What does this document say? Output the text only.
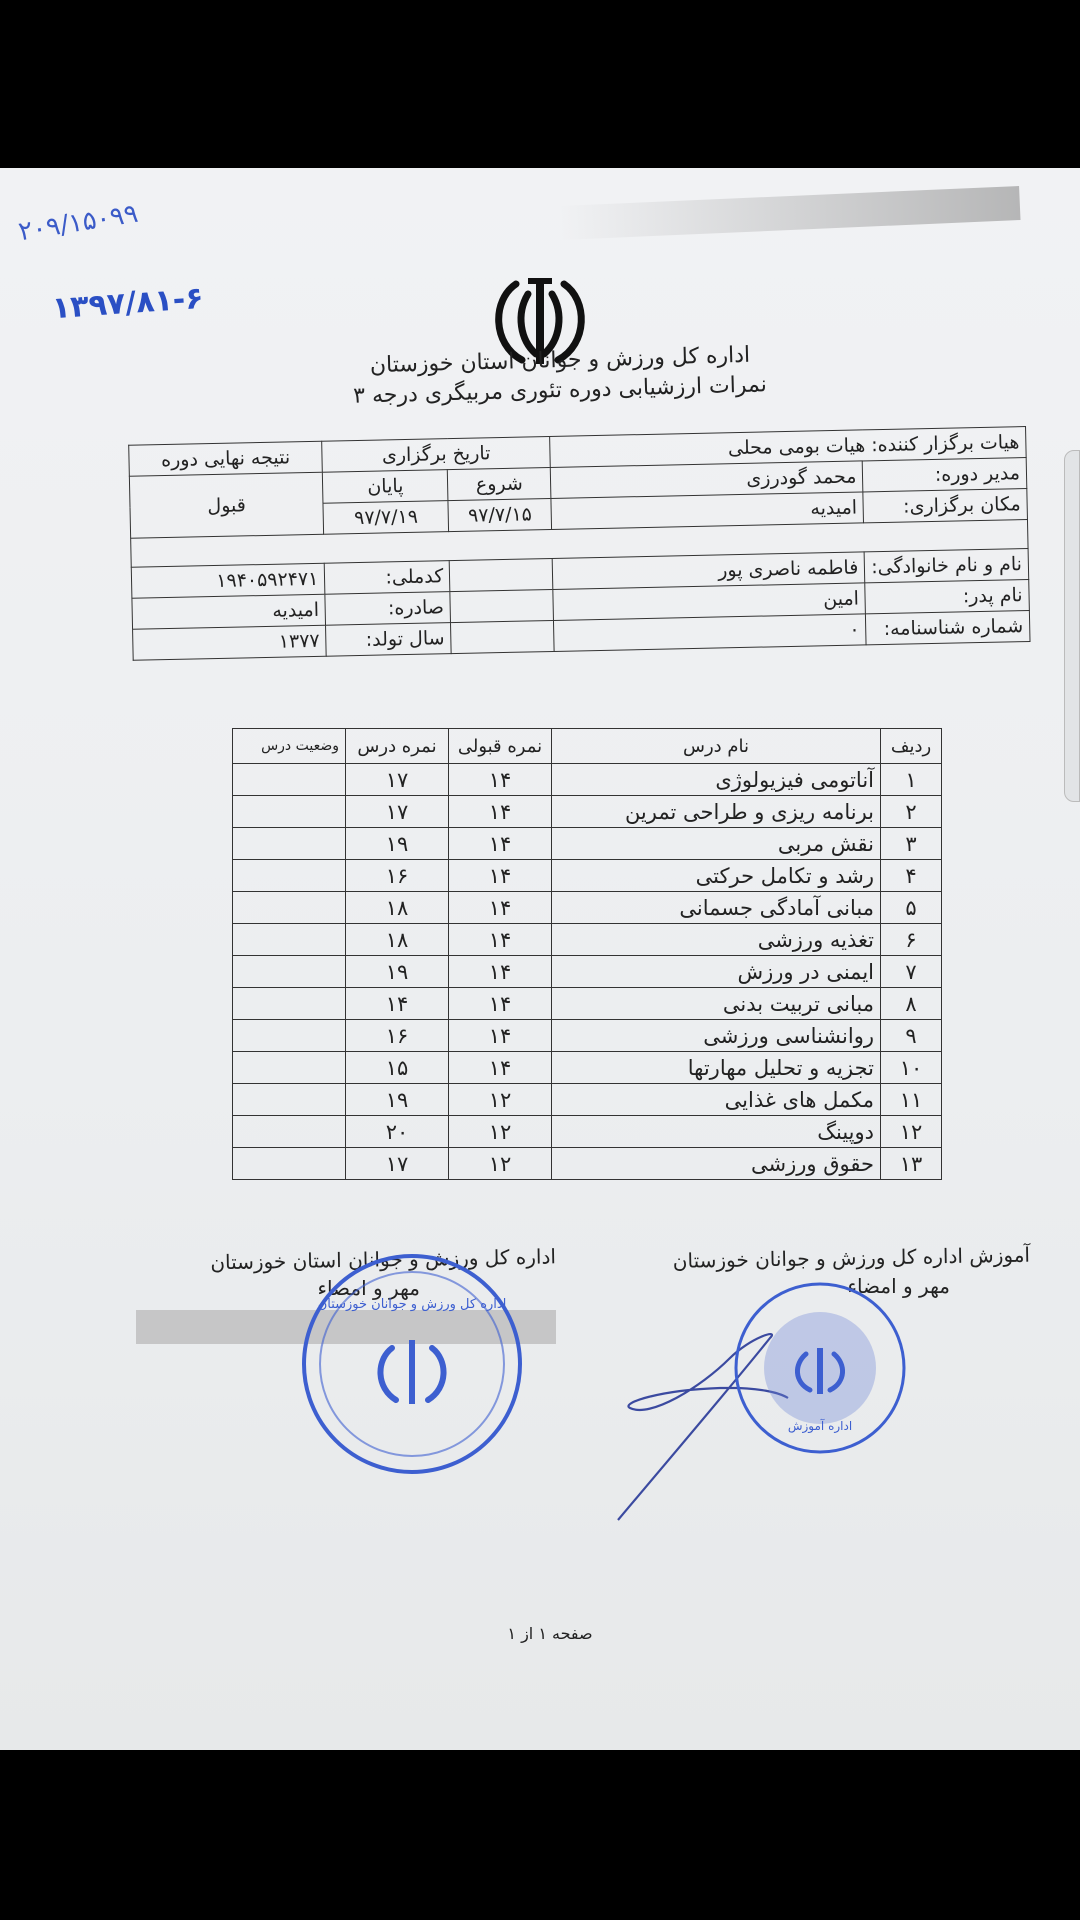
۲۰۹/۱۵۰۹۹
۱۳۹۷/۸۱-۶
اداره کل ورزش و جوانان استان خوزستان
نمرات ارزشیابی دوره تئوری مربیگری درجه ۳
هیات برگزار کننده: هیات بومی محلی		تاریخ برگزاری		نتیجه نهایی دوره
مدیر دوره:	محمد گودرزی	شروع	پایان	قبول
مکان برگزاری:	امیدیه	۹۷/۷/۱۵	۹۷/۷/۱۹	

نام و نام خانوادگی:	فاطمه ناصری پور		کدملی:	۱۹۴۰۵۹۲۴۷۱
نام پدر:	امین		صادره:	امیدیه
شماره شناسنامه:	۰		سال تولد:	۱۳۷۷
ردیف	نام درس	نمره قبولی	نمره درس	وضعیت درس
۱	آناتومی فیزیولوژی	۱۴	۱۷	
۲	برنامه ریزی و طراحی تمرین	۱۴	۱۷	
۳	نقش مربی	۱۴	۱۹	
۴	رشد و تکامل حرکتی	۱۴	۱۶	
۵	مبانی آمادگی جسمانی	۱۴	۱۸	
۶	تغذیه ورزشی	۱۴	۱۸	
۷	ایمنی در ورزش	۱۴	۱۹	
۸	مبانی تربیت بدنی	۱۴	۱۴	
۹	روانشناسی ورزشی	۱۴	۱۶	
۱۰	تجزیه و تحلیل مهارتها	۱۴	۱۵	
۱۱	مکمل های غذایی	۱۲	۱۹	
۱۲	دوپینگ	۱۲	۲۰	
۱۳	حقوق ورزشی	۱۲	۱۷	
آموزش اداره کل ورزش و جوانان خوزستان
مهر و امضاء
اداره کل ورزش و جوانان استان خوزستان
مهر و امضاء
اداره کل ورزش و جوانان خوزستان
اداره آموزش
صفحه ۱ از ۱
